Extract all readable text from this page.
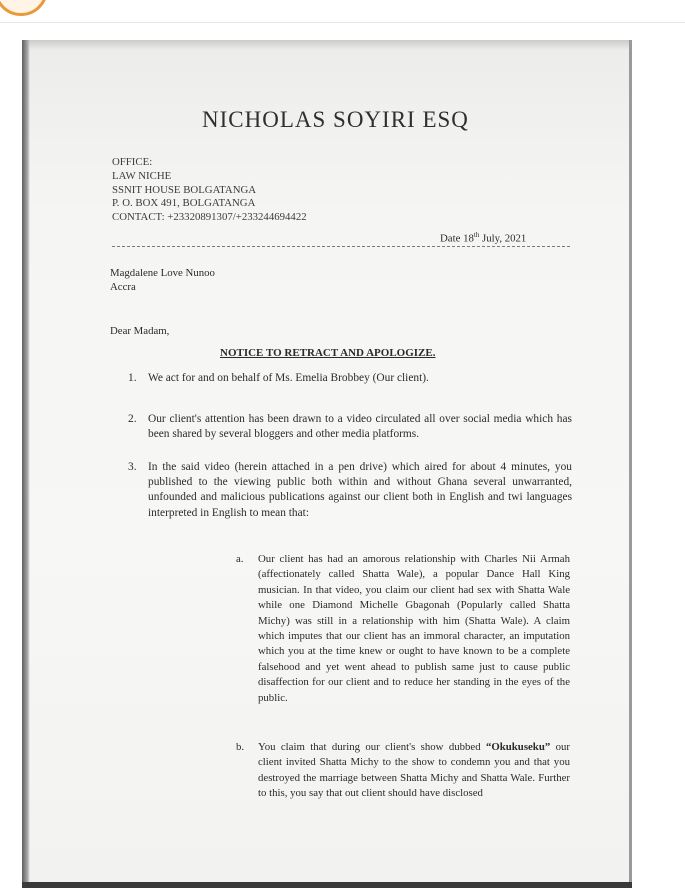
NICHOLAS SOYIRI ESQ
OFFICE:
LAW NICHE
SSNIT HOUSE BOLGATANGA
P. O. BOX 491, BOLGATANGA
CONTACT: +23320891307/+233244694422
Date 18th July, 2021
Magdalene Love Nunoo
Accra
Dear Madam,
NOTICE TO RETRACT AND APOLOGIZE.
1. We act for and on behalf of Ms. Emelia Brobbey (Our client).
2. Our client's attention has been drawn to a video circulated all over social media which has been shared by several bloggers and other media platforms.
3. In the said video (herein attached in a pen drive) which aired for about 4 minutes, you published to the viewing public both within and without Ghana several unwarranted, unfounded and malicious publications against our client both in English and twi languages interpreted in English to mean that:
a. Our client has had an amorous relationship with Charles Nii Armah (affectionately called Shatta Wale), a popular Dance Hall King musician. In that video, you claim our client had sex with Shatta Wale while one Diamond Michelle Gbagonah (Popularly called Shatta Michy) was still in a relationship with him (Shatta Wale). A claim which imputes that our client has an immoral character, an imputation which you at the time knew or ought to have known to be a complete falsehood and yet went ahead to publish same just to cause public disaffection for our client and to reduce her standing in the eyes of the public.
b. You claim that during our client's show dubbed “Okukuseku” our client invited Shatta Michy to the show to condemn you and that you destroyed the marriage between Shatta Michy and Shatta Wale. Further to this, you say that out client should have disclosed
